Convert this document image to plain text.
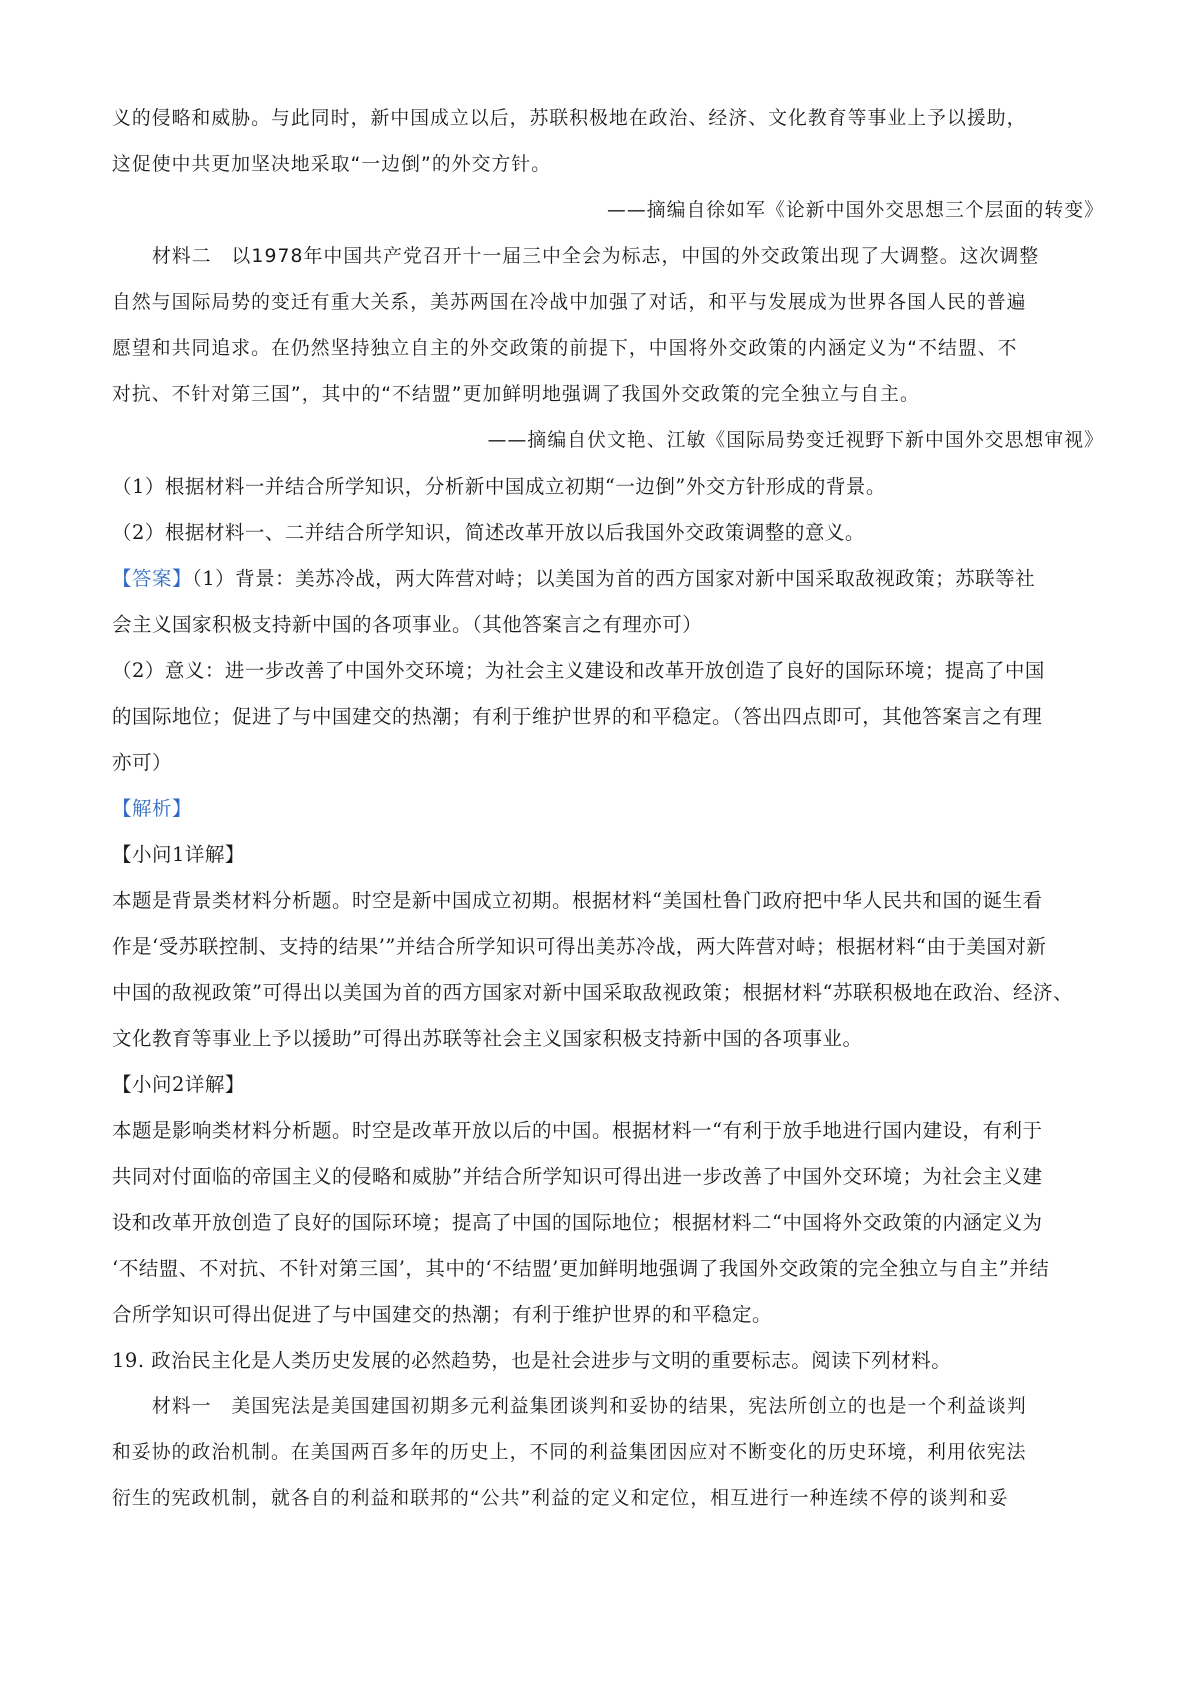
义的侵略和威胁。与此同时，新中国成立以后，苏联积极地在政治、经济、文化教育等事业上予以援助，
这促使中共更加坚决地采取“一边倒”的外交方针。
——摘编自徐如军《论新中国外交思想三个层面的转变》
材料二　以1978年中国共产党召开十一届三中全会为标志，中国的外交政策出现了大调整。这次调整
自然与国际局势的变迁有重大关系，美苏两国在冷战中加强了对话，和平与发展成为世界各国人民的普遍
愿望和共同追求。在仍然坚持独立自主的外交政策的前提下，中国将外交政策的内涵定义为“不结盟、不
对抗、不针对第三国”，其中的“不结盟”更加鲜明地强调了我国外交政策的完全独立与自主。
——摘编自伏文艳、江敏《国际局势变迁视野下新中国外交思想审视》
（1）根据材料一并结合所学知识，分析新中国成立初期“一边倒”外交方针形成的背景。
（2）根据材料一、二并结合所学知识，简述改革开放以后我国外交政策调整的意义。
【答案】（1）背景：美苏冷战，两大阵营对峙；以美国为首的西方国家对新中国采取敌视政策；苏联等社
会主义国家积极支持新中国的各项事业。（其他答案言之有理亦可）
（2）意义：进一步改善了中国外交环境；为社会主义建设和改革开放创造了良好的国际环境；提高了中国
的国际地位；促进了与中国建交的热潮；有利于维护世界的和平稳定。（答出四点即可，其他答案言之有理
亦可）
【解析】
【小问1详解】
本题是背景类材料分析题。时空是新中国成立初期。根据材料“美国杜鲁门政府把中华人民共和国的诞生看
作是‘受苏联控制、支持的结果’”并结合所学知识可得出美苏冷战，两大阵营对峙；根据材料“由于美国对新
中国的敌视政策”可得出以美国为首的西方国家对新中国采取敌视政策；根据材料“苏联积极地在政治、经济、
文化教育等事业上予以援助”可得出苏联等社会主义国家积极支持新中国的各项事业。
【小问2详解】
本题是影响类材料分析题。时空是改革开放以后的中国。根据材料一“有利于放手地进行国内建设，有利于
共同对付面临的帝国主义的侵略和威胁”并结合所学知识可得出进一步改善了中国外交环境；为社会主义建
设和改革开放创造了良好的国际环境；提高了中国的国际地位；根据材料二“中国将外交政策的内涵定义为
‘不结盟、不对抗、不针对第三国’，其中的‘不结盟’更加鲜明地强调了我国外交政策的完全独立与自主”并结
合所学知识可得出促进了与中国建交的热潮；有利于维护世界的和平稳定。
19. 政治民主化是人类历史发展的必然趋势，也是社会进步与文明的重要标志。阅读下列材料。
材料一　美国宪法是美国建国初期多元利益集团谈判和妥协的结果，宪法所创立的也是一个利益谈判
和妥协的政治机制。在美国两百多年的历史上，不同的利益集团因应对不断变化的历史环境，利用依宪法
衍生的宪政机制，就各自的利益和联邦的“公共”利益的定义和定位，相互进行一种连续不停的谈判和妥
